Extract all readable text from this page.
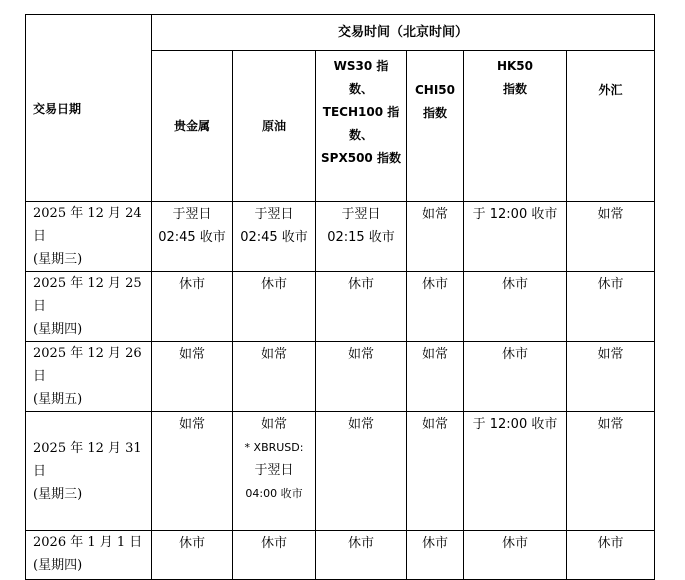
交易日期	交易时间（北京时间）					

	贵金属	原油	WS30 指
数、
TECH100 指
数、
SPX500 指数	CHI50
指数	HK50
指数	外汇

2025 年 12 月 24 日
(星期三)	于翌日
02:45 收市	于翌日
02:45 收市	于翌日
02:15 收市	如常	于 12:00 收市	如常

2025 年 12 月 25 日
(星期四)	休市	休市	休市	休市	休市	休市

2025 年 12 月 26 日
(星期五)	如常	如常	如常	如常	休市	如常

2025 年 12 月 31 日
(星期三)	如常	如常
* XBRUSD:
于翌日
04:00 收市	如常	如常	于 12:00 收市	如常

2026 年 1 月 1 日
(星期四)	休市	休市	休市	休市	休市	休市
